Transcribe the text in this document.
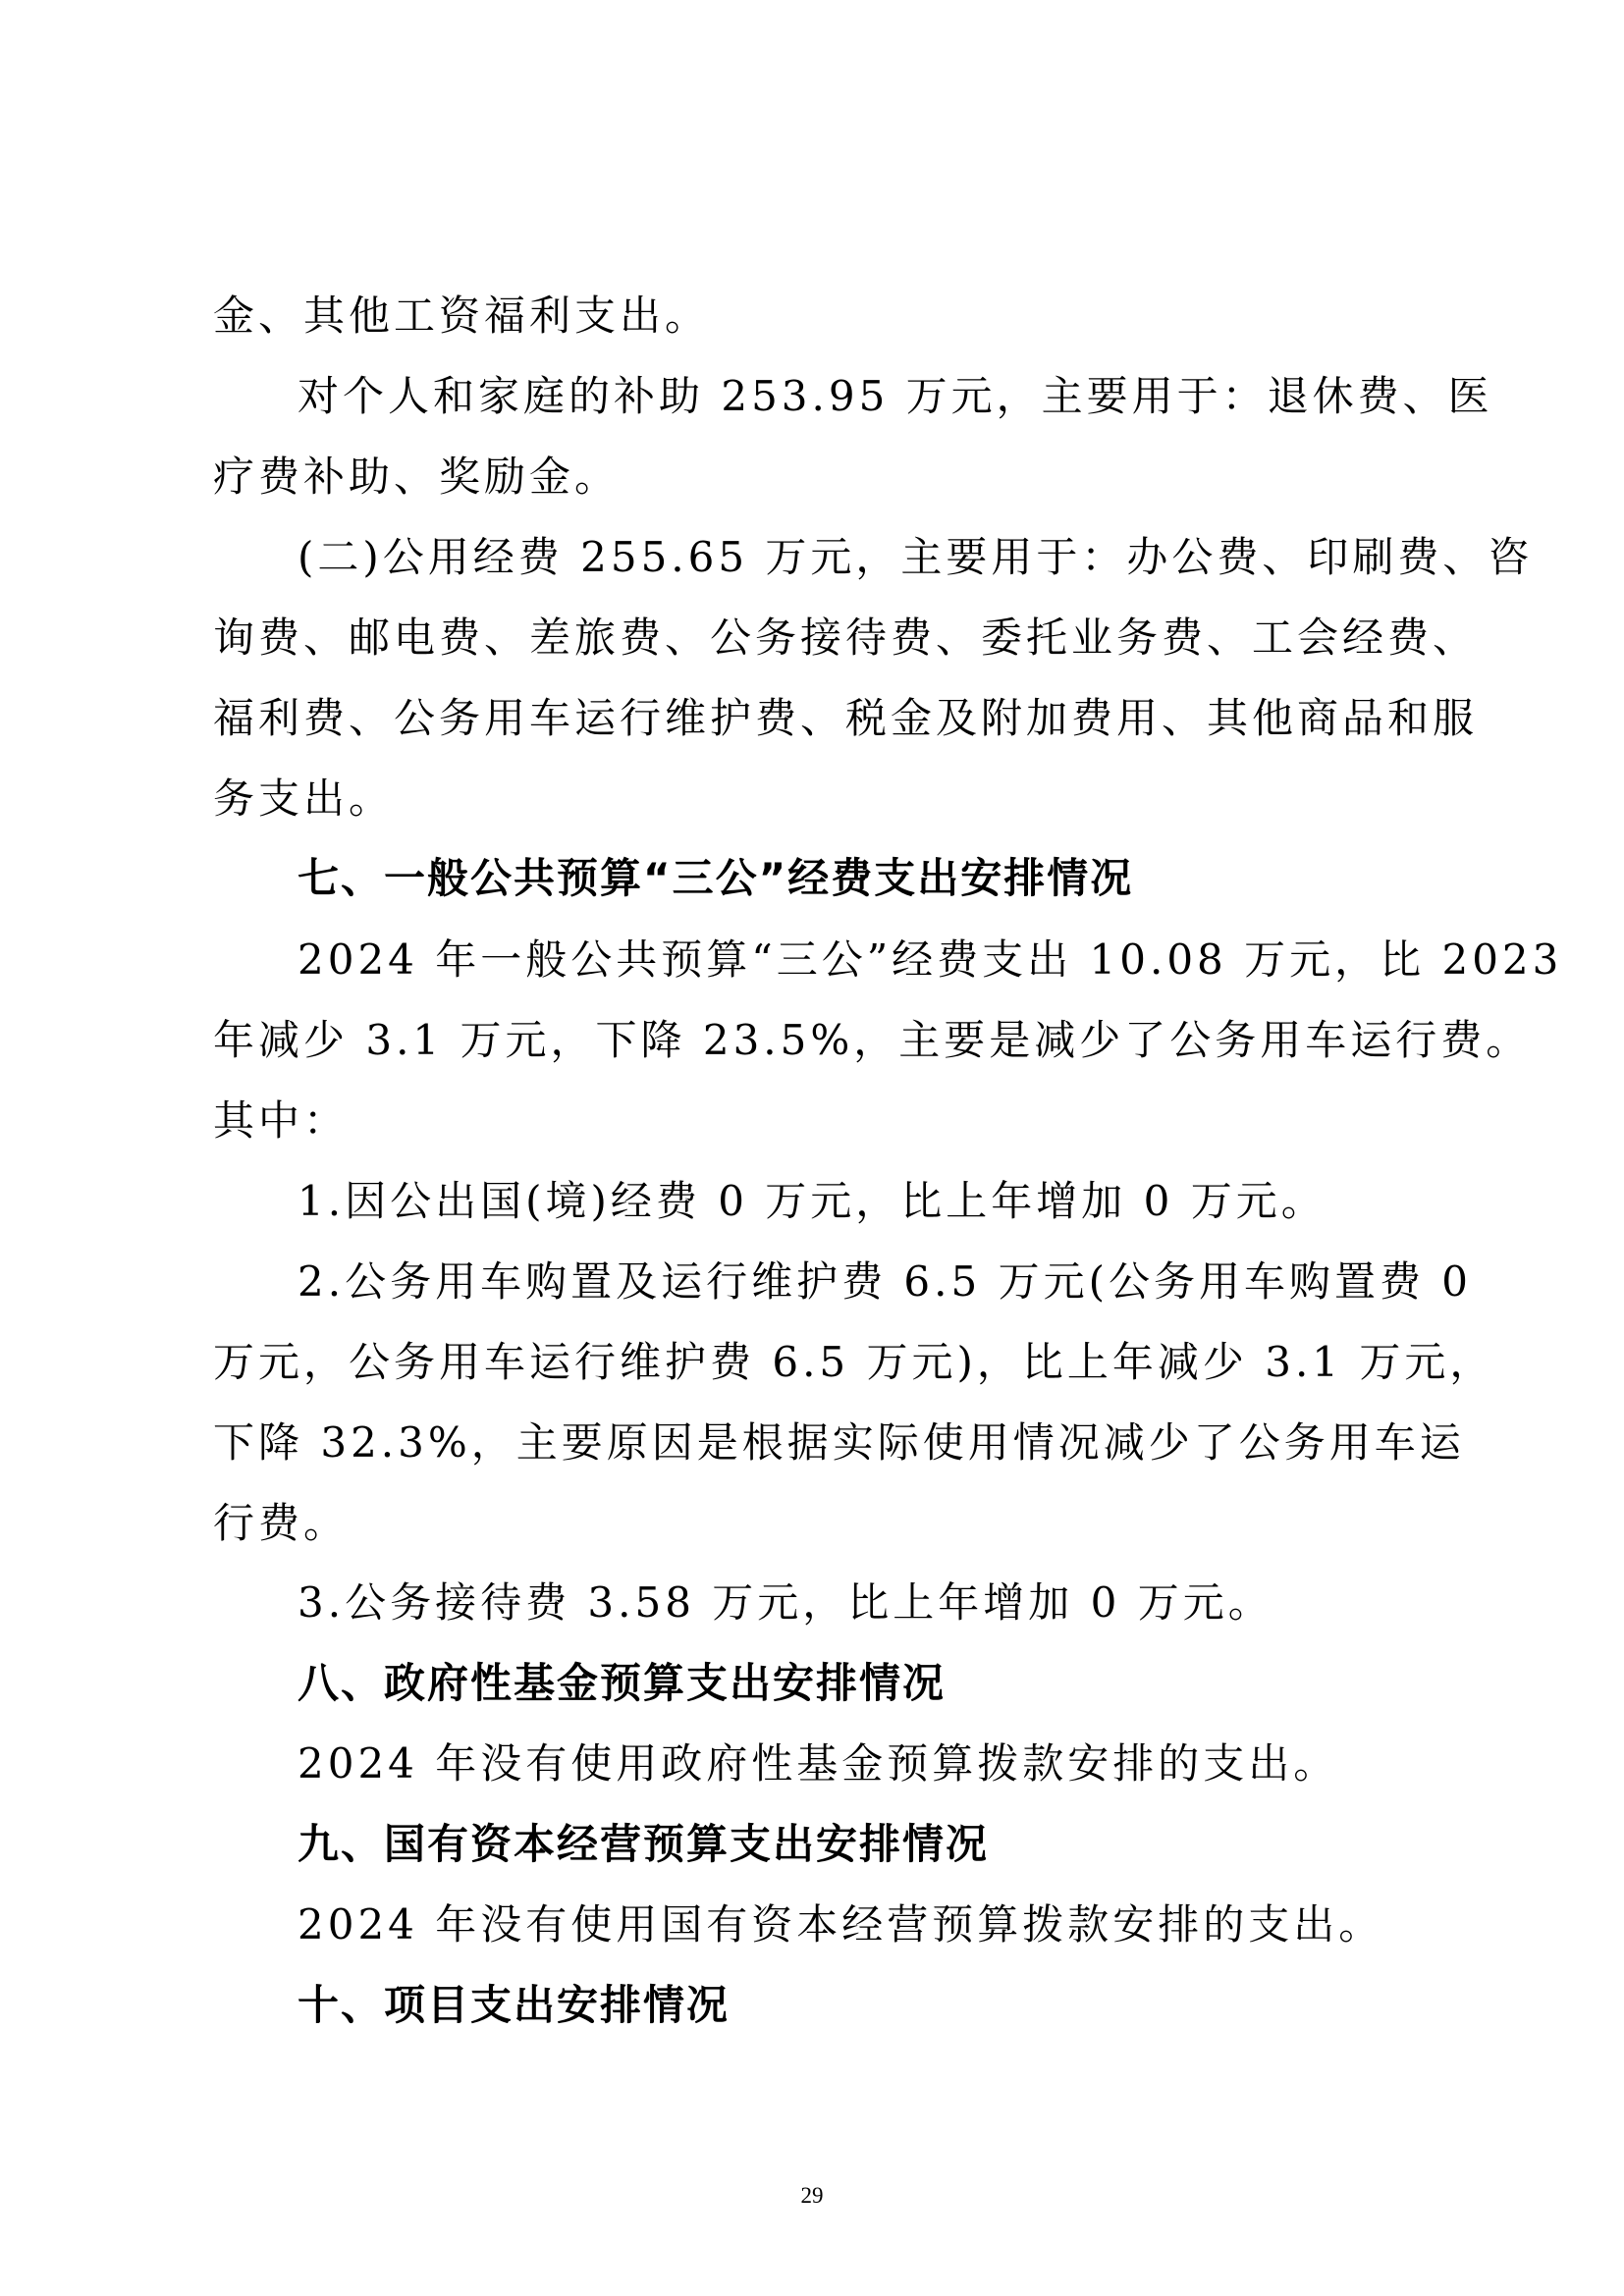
金、其他工资福利支出。
对个人和家庭的补助 253.95 万元，主要用于：退休费、医
疗费补助、奖励金。
(二)公用经费 255.65 万元，主要用于：办公费、印刷费、咨
询费、邮电费、差旅费、公务接待费、委托业务费、工会经费、
福利费、公务用车运行维护费、税金及附加费用、其他商品和服
务支出。
七、一般公共预算“三公”经费支出安排情况
2024 年一般公共预算“三公”经费支出 10.08 万元，比 2023
年减少 3.1 万元，下降 23.5%，主要是减少了公务用车运行费。
其中：
1.因公出国(境)经费 0 万元，比上年增加 0 万元。
2.公务用车购置及运行维护费 6.5 万元(公务用车购置费 0
万元，公务用车运行维护费 6.5 万元)，比上年减少 3.1 万元，
下降 32.3%，主要原因是根据实际使用情况减少了公务用车运
行费。
3.公务接待费 3.58 万元，比上年增加 0 万元。
八、政府性基金预算支出安排情况
2024 年没有使用政府性基金预算拨款安排的支出。
九、国有资本经营预算支出安排情况
2024 年没有使用国有资本经营预算拨款安排的支出。
十、项目支出安排情况
29
